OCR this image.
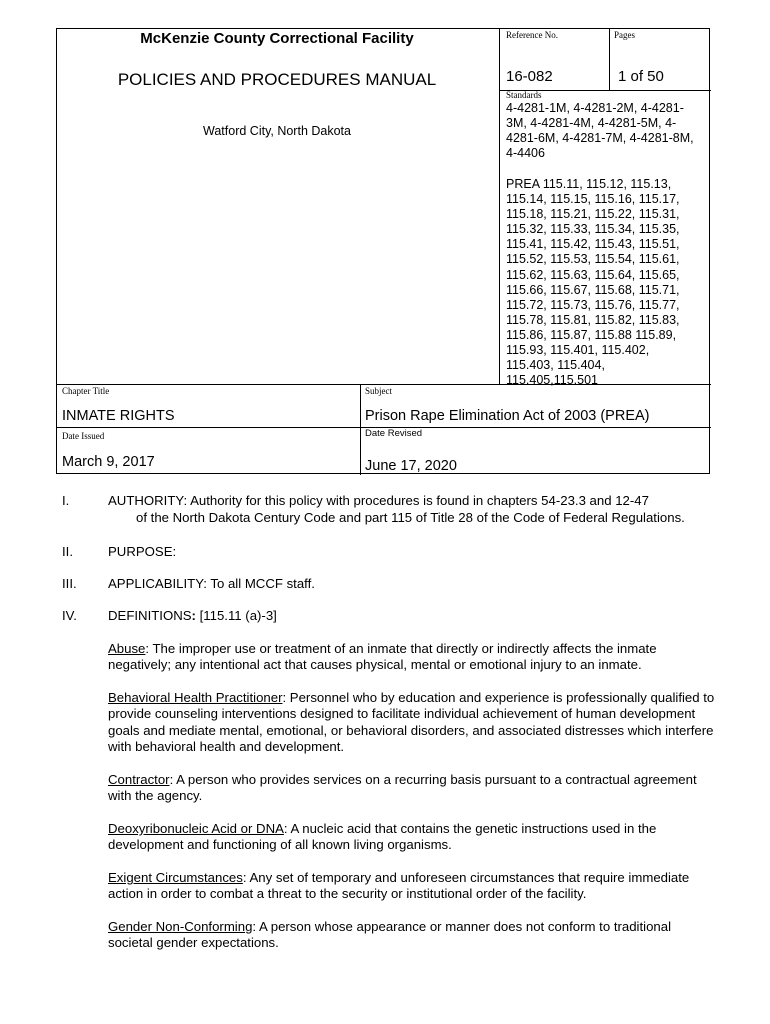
McKenzie County Correctional Facility
POLICIES AND PROCEDURES MANUAL
Watford City, North Dakota
Reference No.
16-082
Pages
1 of 50
Standards
4-4281-1M, 4-4281-2M, 4-4281-
3M, 4-4281-4M, 4-4281-5M, 4-
4281-6M, 4-4281-7M, 4-4281-8M,
4-4406
PREA 115.11, 115.12, 115.13,
115.14, 115.15, 115.16, 115.17,
115.18, 115.21, 115.22, 115.31,
115.32, 115.33, 115.34, 115.35,
115.41, 115.42, 115.43, 115.51,
115.52, 115.53, 115.54, 115.61,
115.62, 115.63, 115.64, 115.65,
115.66, 115.67, 115.68, 115.71,
115.72, 115.73, 115.76, 115.77,
115.78, 115.81, 115.82, 115.83,
115.86, 115.87, 115.88 115.89,
115.93, 115.401, 115.402,
115.403, 115.404,
115.405,115.501
Chapter Title
INMATE RIGHTS
Subject
Prison Rape Elimination Act of 2003 (PREA)
Date Issued
March 9, 2017
Date Revised
June 17, 2020
I.	AUTHORITY: Authority for this policy with procedures is found in chapters 54-23.3 and 12-47
of the North Dakota Century Code and part 115 of Title 28 of the Code of Federal Regulations.
II.	PURPOSE:
III. APPLICABILITY: To all MCCF staff.
IV. DEFINITIONS: [115.11 (a)-3]
Abuse: The improper use or treatment of an inmate that directly or indirectly affects the inmate negatively; any intentional act that causes physical, mental or emotional injury to an inmate.
Behavioral Health Practitioner: Personnel who by education and experience is professionally qualified to provide counseling interventions designed to facilitate individual achievement of human development goals and mediate mental, emotional, or behavioral disorders, and associated distresses which interfere with behavioral health and development.
Contractor: A person who provides services on a recurring basis pursuant to a contractual agreement with the agency.
Deoxyribonucleic Acid or DNA: A nucleic acid that contains the genetic instructions used in the development and functioning of all known living organisms.
Exigent Circumstances: Any set of temporary and unforeseen circumstances that require immediate action in order to combat a threat to the security or institutional order of the facility.
Gender Non-Conforming: A person whose appearance or manner does not conform to traditional societal gender expectations.
